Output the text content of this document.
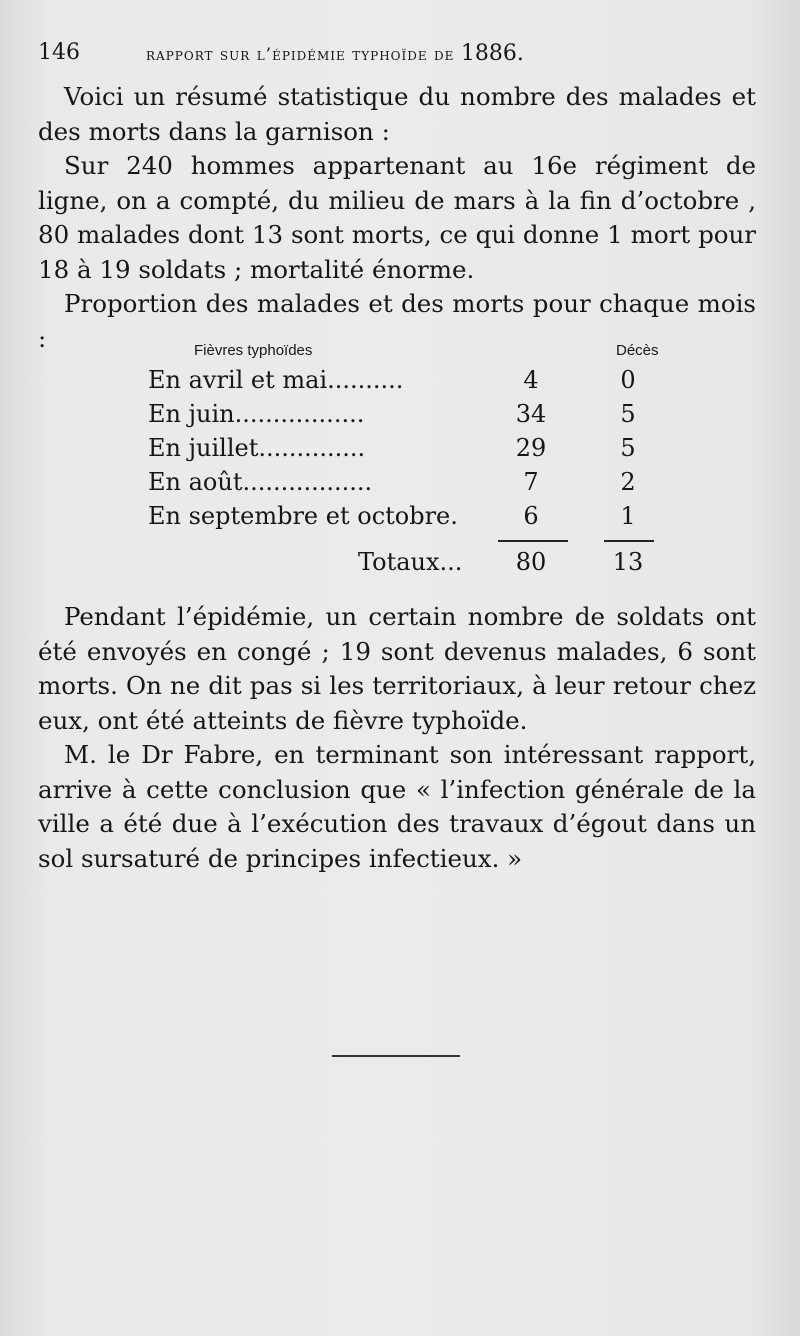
146	rapport sur l’épidémie typhoïde de 1886.

Voici un résumé statistique du nombre des malades et des morts dans la garnison :

Sur 240 hommes appartenant au 16e régiment de ligne, on a compté, du milieu de mars à la fin d’octobre , 80 malades dont 13 sont morts, ce qui donne 1 mort pour 18 à 19 soldats ; mortalité énorme.

Proportion des malades et des morts pour chaque mois :	Fièvres typhoïdes	Décès
En avril et mai..........	4	0
En juin.................	34	5
En juillet..............	29	5
En août.................	7	2
En septembre et octobre.	6	1
Totaux...	80	13

Pendant l’épidémie, un certain nombre de soldats ont été envoyés en congé ; 19 sont devenus malades, 6 sont morts. On ne dit pas si les territoriaux, à leur retour chez eux, ont été atteints de fièvre typhoïde.

M. le Dr Fabre, en terminant son intéressant rapport, arrive à cette conclusion que « l’infection générale de la ville a été due à l’exécution des travaux d’égout dans un sol sursaturé de principes infectieux. »
